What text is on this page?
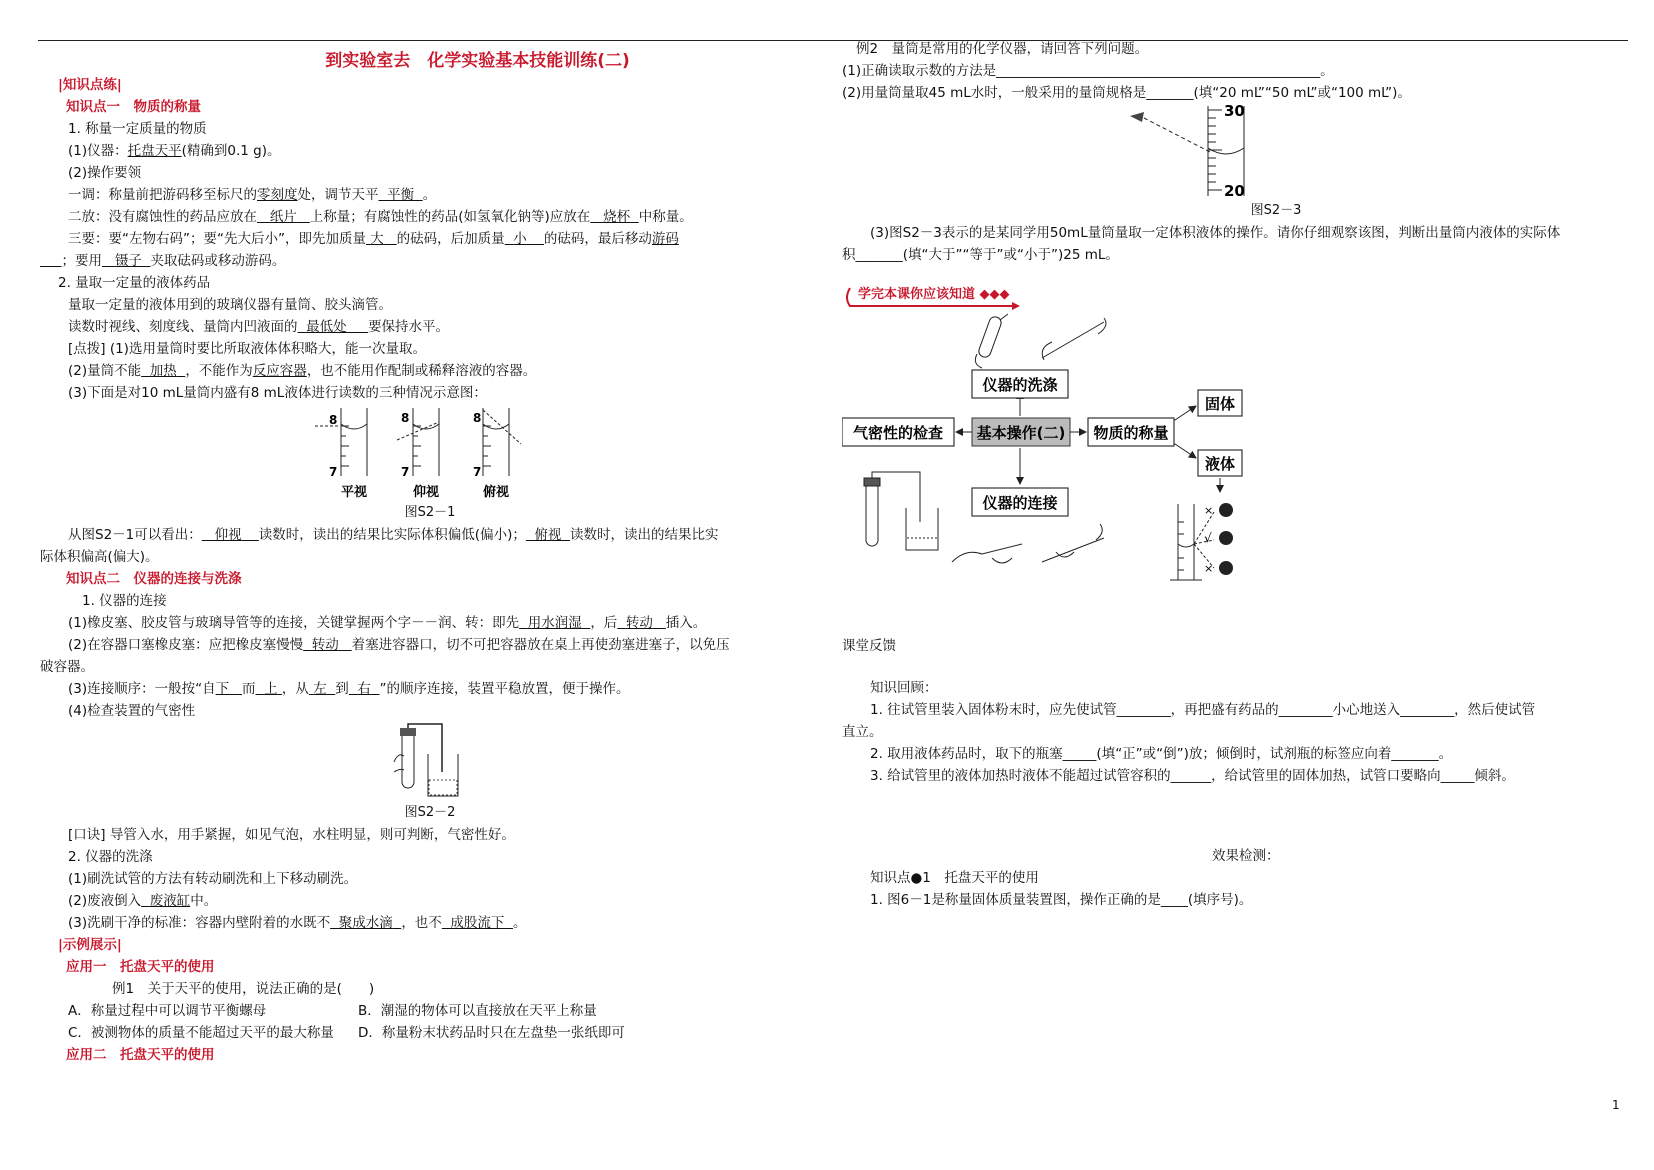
到实验室去　化学实验基本技能训练(二)
|知识点练|
知识点一　物质的称量
1. 称量一定质量的物质
(1)仪器：托盘天平(精确到0.1 g)。
(2)操作要领
一调：称量前把游码移至标尺的零刻度处，调节天平 平衡 。
二放：没有腐蚀性的药品应放在 纸片 上称量；有腐蚀性的药品(如氢氧化钠等)应放在 烧杯 中称量。
三要：要“左物右码”；要“先大后小”，即先加质量 大 的砝码，后加质量 小 的砝码，最后移动游码
；要用 镊子 夹取砝码或移动游码。
2. 量取一定量的液体药品
量取一定量的液体用到的玻璃仪器有量筒、胶头滴管。
读数时视线、刻度线、量筒内凹液面的 最低处 要保持水平。
[点拨] (1)选用量筒时要比所取液体体积略大，能一次量取。
(2)量筒不能 加热 ，不能作为反应容器，也不能用作配制或稀释溶液的容器。
(3)下面是对10 mL量筒内盛有8 mL液体进行读数的三种情况示意图：
8
7
平视
8
7
仰视
8
7
俯视
图S2－1
从图S2－1可以看出： 仰视 读数时，读出的结果比实际体积偏低(偏小)； 俯视 读数时，读出的结果比实
际体积偏高(偏大)。
知识点二　仪器的连接与洗涤
1. 仪器的连接
(1)橡皮塞、胶皮管与玻璃导管等的连接，关键掌握两个字－－润、转：即先 用水润湿 ，后 转动 插入。
(2)在容器口塞橡皮塞：应把橡皮塞慢慢 转动 着塞进容器口，切不可把容器放在桌上再使劲塞进塞子，以免压
破容器。
(3)连接顺序：一般按“自下 而 上 ，从 左 到 右 ”的顺序连接，装置平稳放置，便于操作。
(4)检查装置的气密性
图S2－2
[口诀] 导管入水，用手紧握，如见气泡，水柱明显，则可判断，气密性好。
2. 仪器的洗涤
(1)刷洗试管的方法有转动刷洗和上下移动刷洗。
(2)废液倒入 废液缸中。
(3)洗刷干净的标准：容器内壁附着的水既不 聚成水滴 ，也不 成股流下 。
|示例展示|
应用一　托盘天平的使用
例1　关于天平的使用，说法正确的是(　　)
A．称量过程中可以调节平衡螺母	B．潮湿的物体可以直接放在天平上称量
C．被测物体的质量不能超过天平的最大称量 D．称量粉末状药品时只在左盘垫一张纸即可
应用二　托盘天平的使用
例2　量筒是常用的化学仪器，请回答下列问题。
(1)正确读取示数的方法是________________________________________________。
(2)用量筒量取45 mL水时，一般采用的量筒规格是_______(填“20 mL”“50 mL”或“100 mL”)。
30
20
图S2－3
(3)图S2－3表示的是某同学用50mL量筒量取一定体积液体的操作。请你仔细观察该图，判断出量筒内液体的实际体
积_______(填“大于”“等于”或“小于”)25 mL。
学完本课你应该知道 ◆◆◆
仪器的洗涤
气密性的检查 基本操作(二) 物质的称量
固体
液体
仪器的连接	×
√
×
课堂反馈
知识回顾：
1. 往试管里装入固体粉末时，应先使试管________，再把盛有药品的________小心地送入________，然后使试管
直立。
2. 取用液体药品时，取下的瓶塞_____(填“正”或“倒”)放；倾倒时，试剂瓶的标签应向着_______。
3. 给试管里的液体加热时液体不能超过试管容积的______，给试管里的固体加热，试管口要略向_____倾斜。
效果检测：
知识点●1　托盘天平的使用
1. 图6－1是称量固体质量装置图，操作正确的是____(填序号)。
1
